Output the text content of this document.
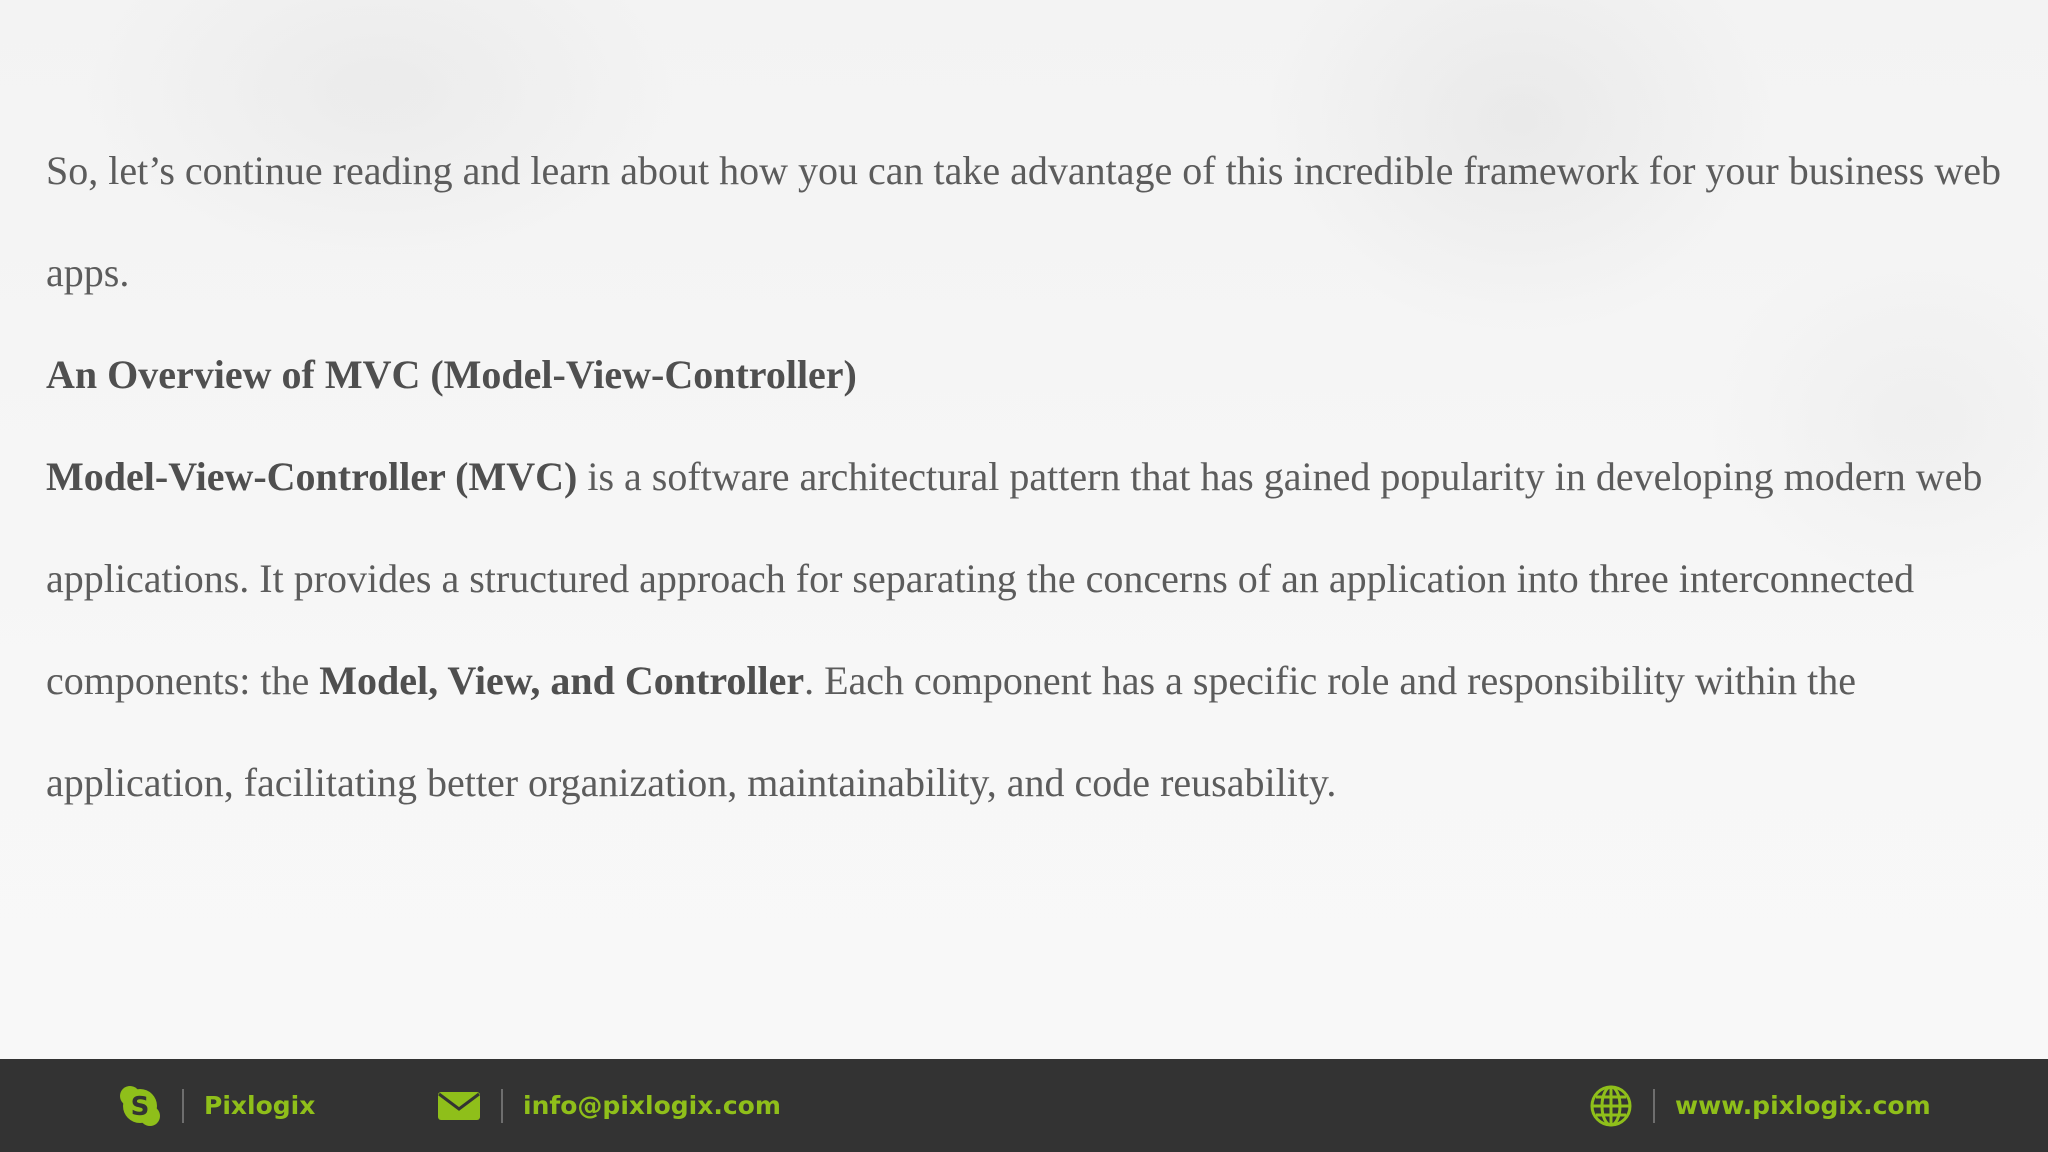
So, let’s continue reading and learn about how you can take advantage of this incredible framework for your business web apps.

An Overview of MVC (Model-View-Controller)

Model-View-Controller (MVC) is a software architectural pattern that has gained popularity in developing modern web applications. It provides a structured approach for separating the concerns of an application into three interconnected components: the Model, View, and Controller. Each component has a specific role and responsibility within the application, facilitating better organization, maintainability, and code reusability.

S Pixlogix	info@pixlogix.com	www.pixlogix.com
